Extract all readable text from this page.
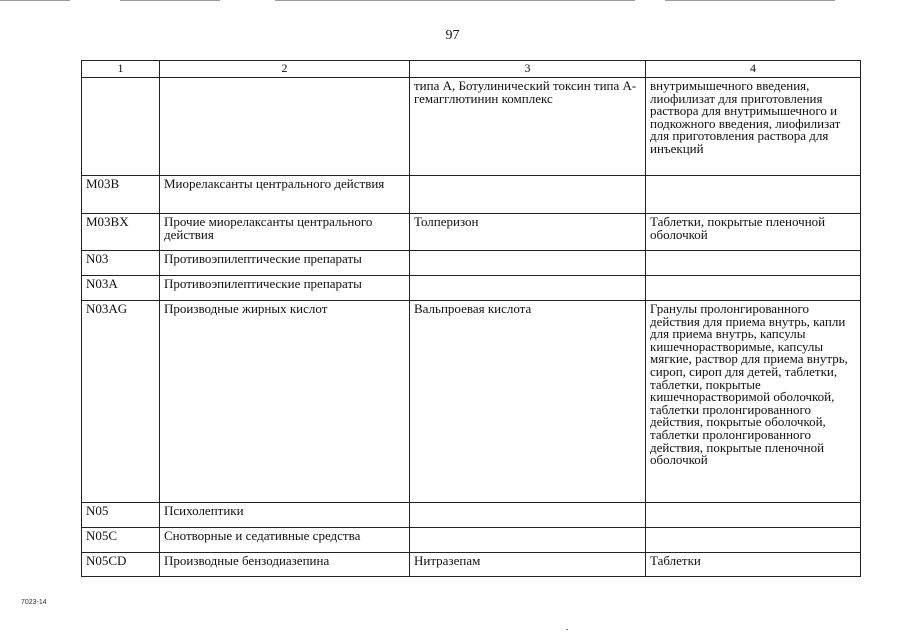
97
1	2	3	4
		типа A, Ботулинический токсин типа A-гемагглютинин комплекс	внутримышечного введения, лиофилизат для приготовления раствора для внутримышечного и подкожного введения, лиофилизат для приготовления раствора для инъекций
M03B	Миорелаксанты центрального действия		
M03BX	Прочие миорелаксанты центрального действия	Толперизон	Таблетки, покрытые пленочной оболочкой
N03	Противоэпилептические препараты		
N03A	Противоэпилептические препараты		
N03AG	Производные жирных кислот	Вальпроевая кислота	Гранулы пролонгированного действия для приема внутрь, капли для приема внутрь, капсулы кишечнорастворимые, капсулы мягкие, раствор для приема внутрь, сироп, сироп для детей, таблетки, таблетки, покрытые кишечнорастворимой оболочкой, таблетки пролонгированного действия, покрытые оболочкой, таблетки пролонгированного действия, покрытые пленочной оболочкой
N05	Психолептики		
N05C	Снотворные и седативные средства		
N05CD	Производные бензодиазепина	Нитразепам	Таблетки
7023-14
